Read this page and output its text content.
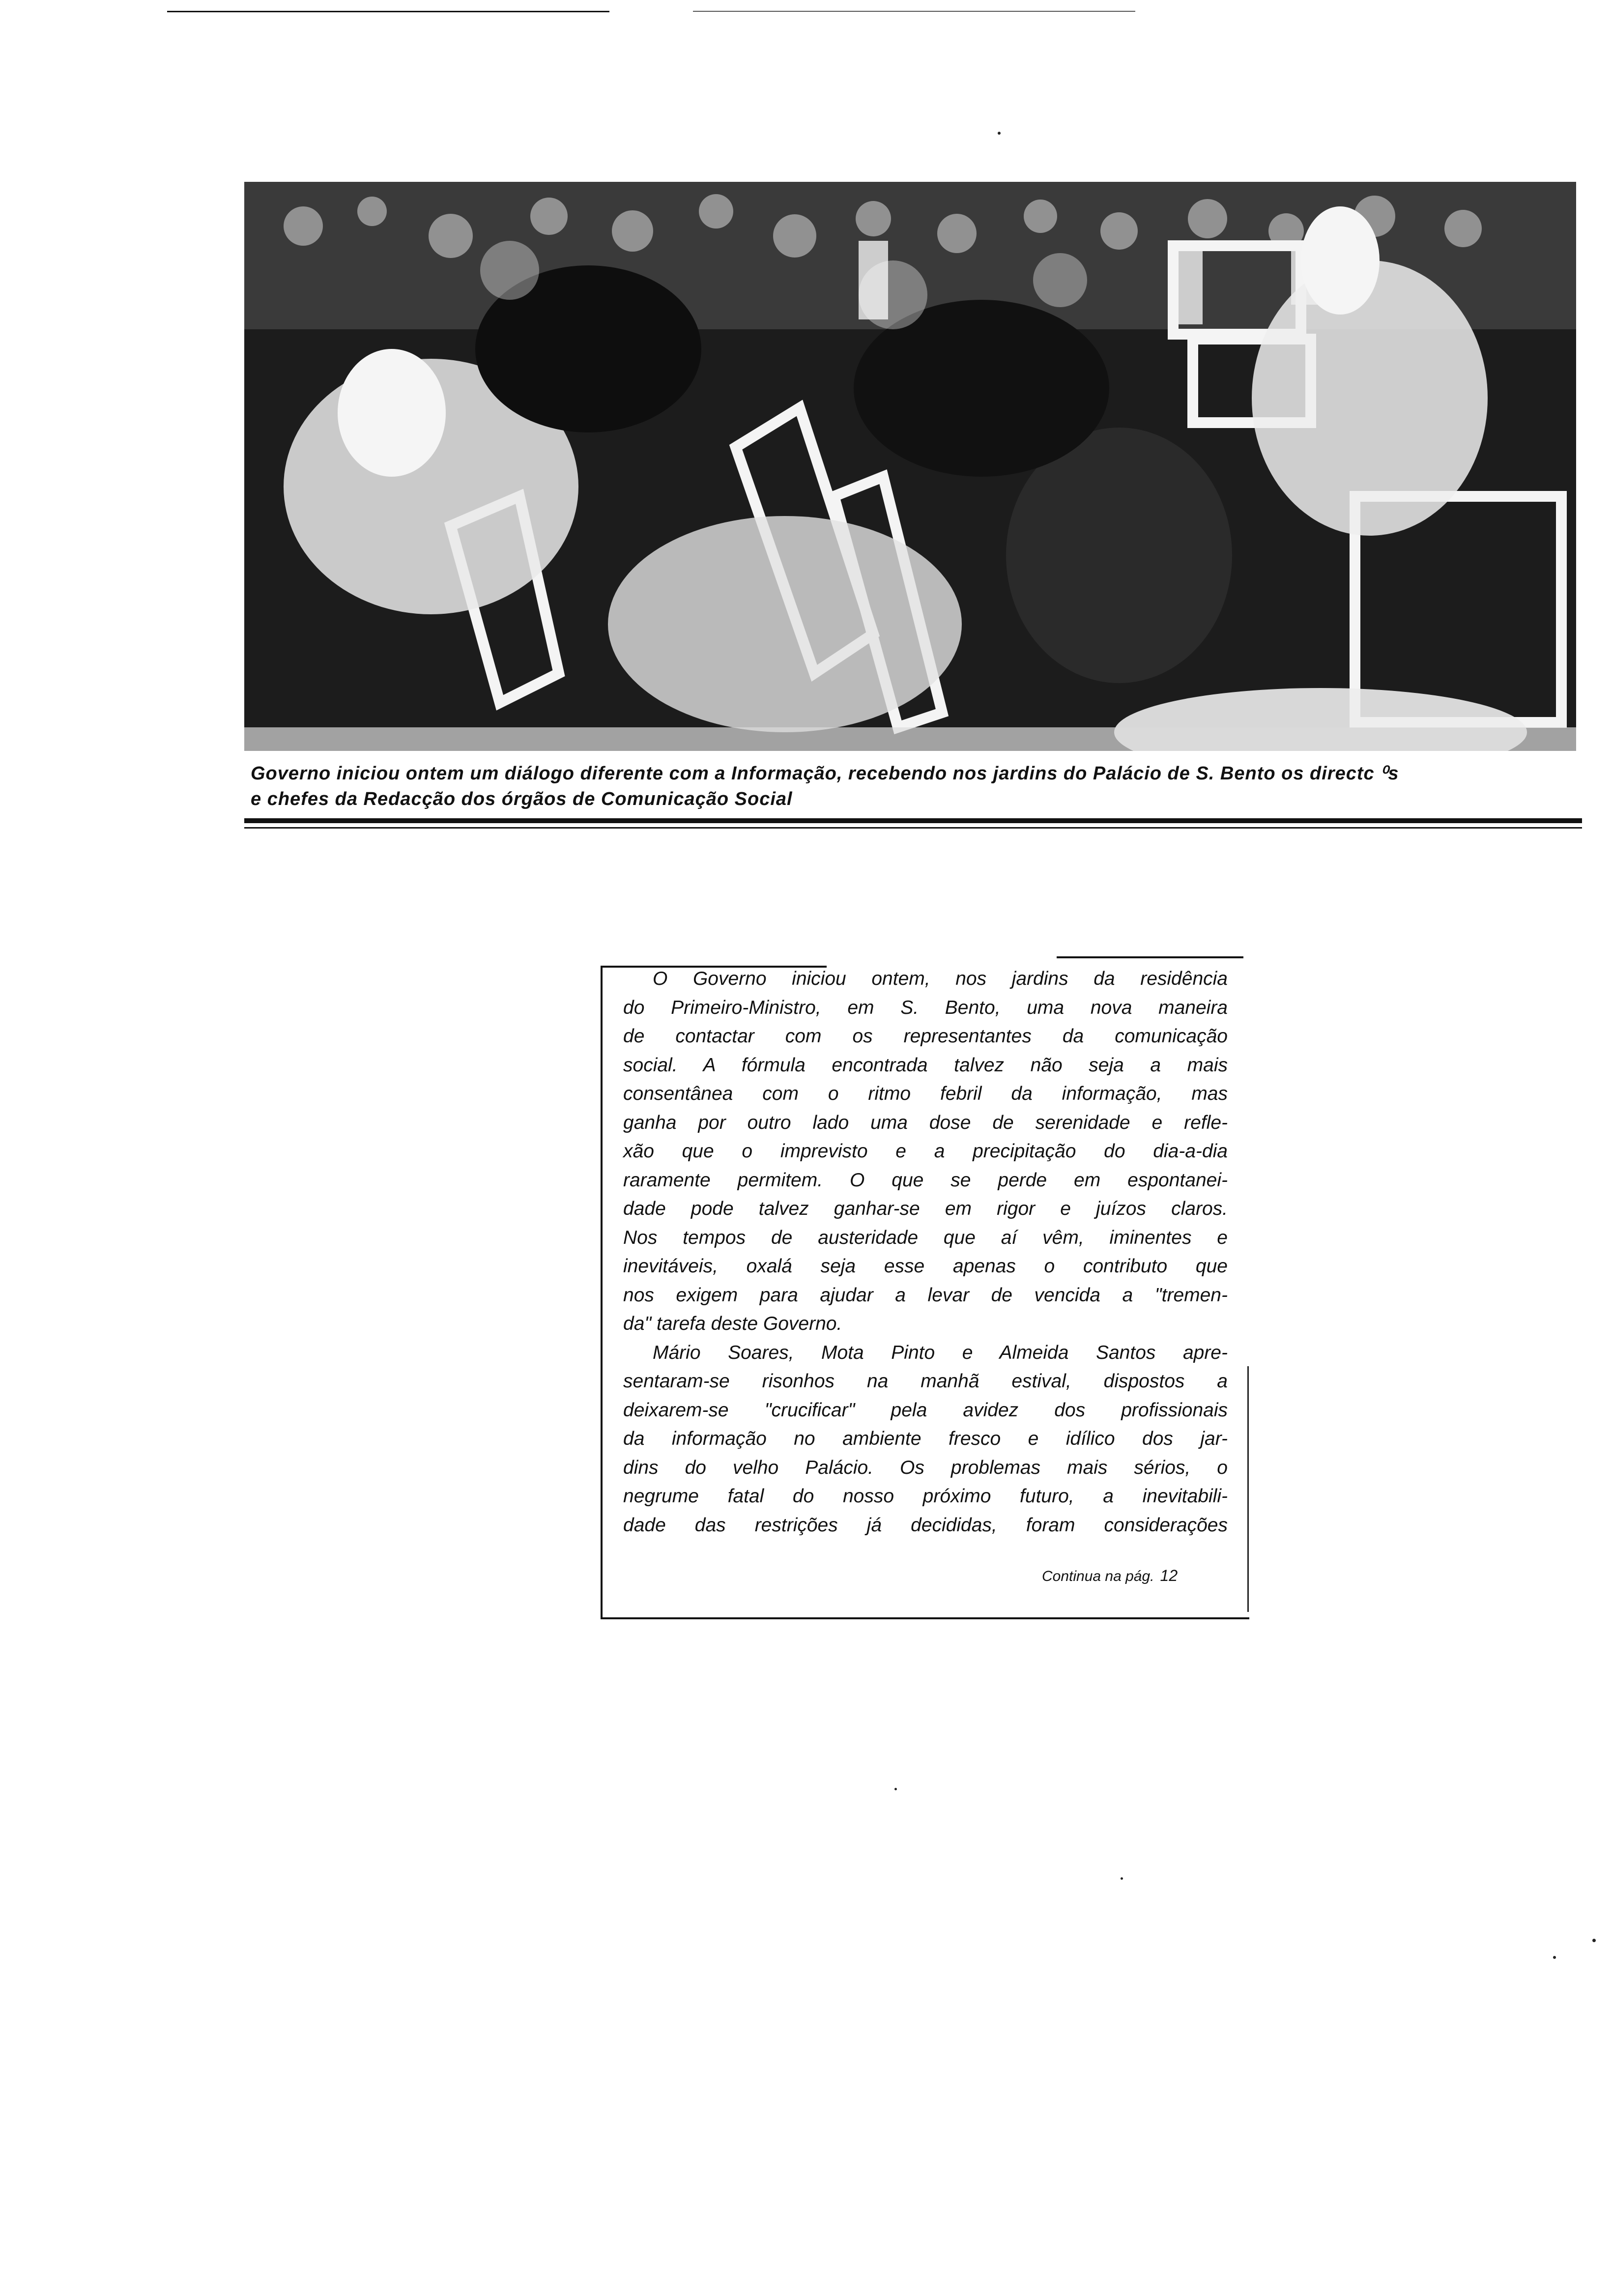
Governo iniciou ontem um diálogo diferente com a Informação, recebendo nos jardins do Palácio de S. Bento os directc ⁰s
e chefes da Redacção dos órgãos de Comunicação Social
O Governo iniciou ontem, nos jardins da residência
do Primeiro-Ministro, em S. Bento, uma nova maneira
de contactar com os representantes da comunicação
social. A fórmula encontrada talvez não seja a mais
consentânea com o ritmo febril da informação, mas
ganha por outro lado uma dose de serenidade e refle-
xão que o imprevisto e a precipitação do dia-a-dia
raramente permitem. O que se perde em espontanei-
dade pode talvez ganhar-se em rigor e juízos claros.
Nos tempos de austeridade que aí vêm, iminentes e
inevitáveis, oxalá seja esse apenas o contributo que
nos exigem para ajudar a levar de vencida a "tremen-
da" tarefa deste Governo.
Mário Soares, Mota Pinto e Almeida Santos apre-
sentaram-se risonhos na manhã estival, dispostos a
deixarem-se "crucificar" pela avidez dos profissionais
da informação no ambiente fresco e idílico dos jar-
dins do velho Palácio. Os problemas mais sérios, o
negrume fatal do nosso próximo futuro, a inevitabili-
dade das restrições já decididas, foram considerações
Continua na pág. 12
